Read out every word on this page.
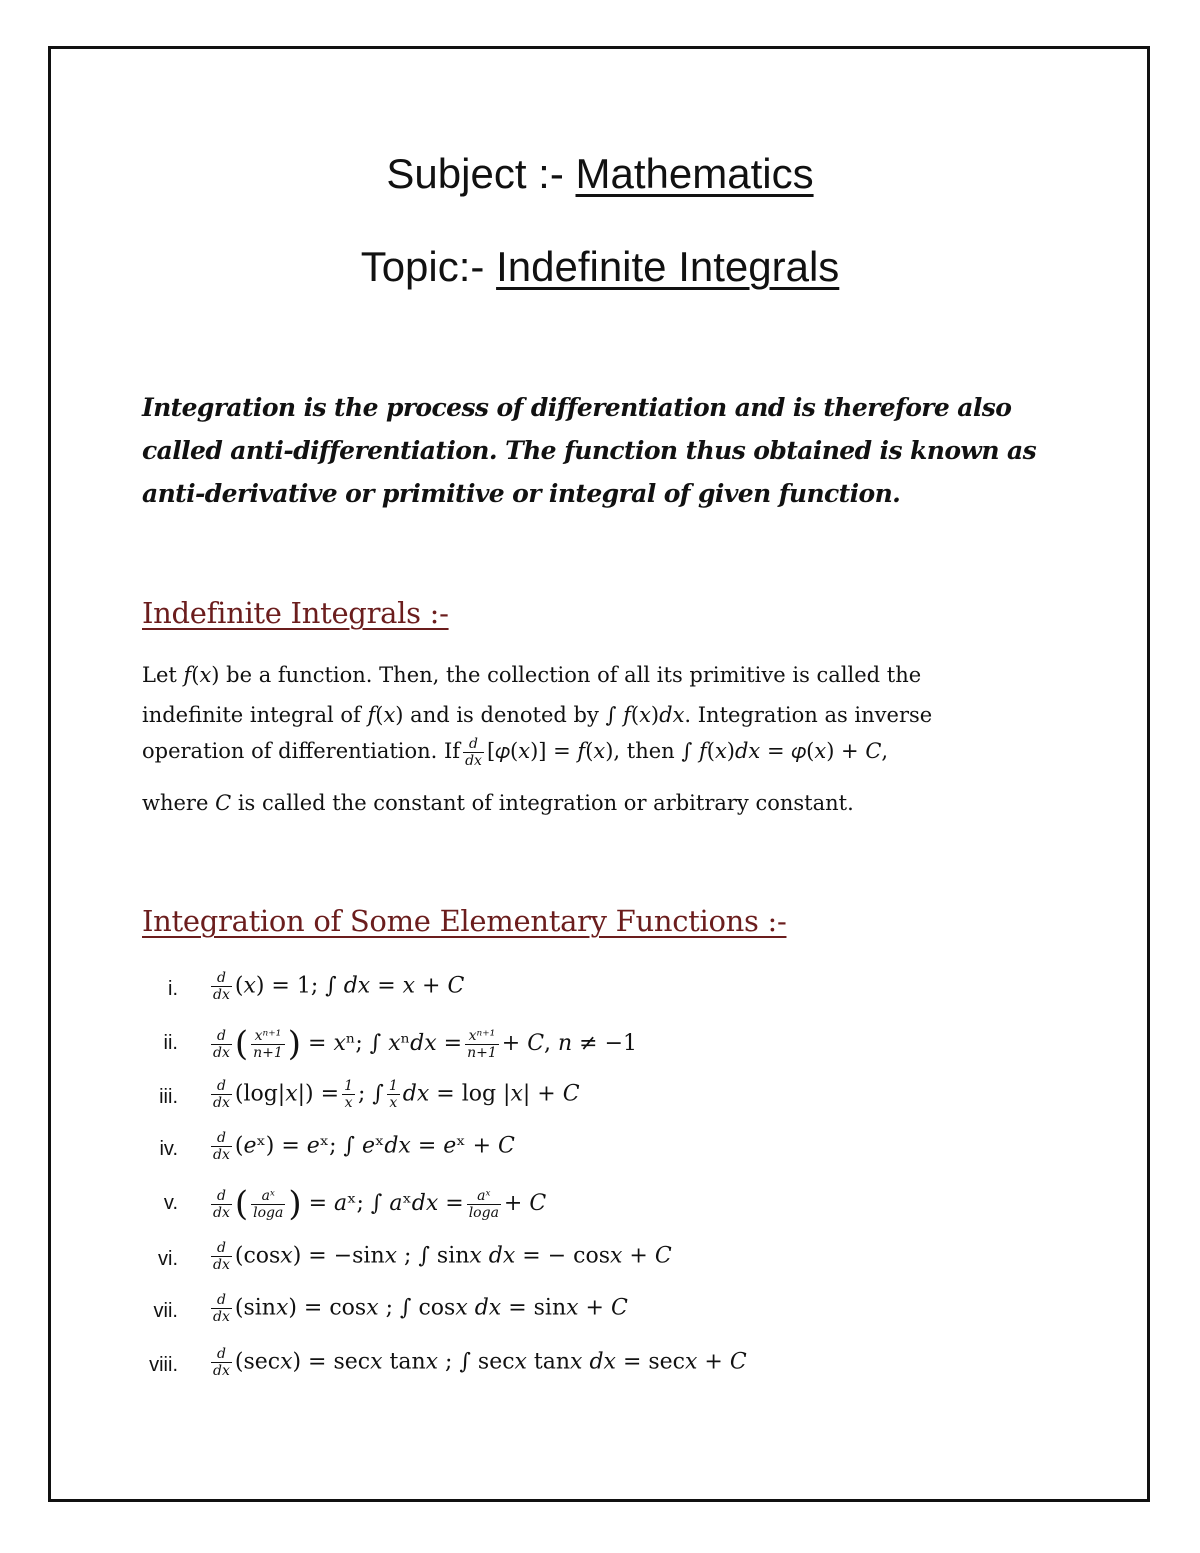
Subject :- Mathematics
Topic:- Indefinite Integrals
Integration is the process of differentiation and is therefore also
called anti-differentiation. The function thus obtained is known as
anti-derivative or primitive or integral of given function.
Indefinite Integrals :-
Let 𝑓(𝑥) be a function. Then, the collection of all its primitive is called the
indefinite integral of 𝑓(𝑥) and is denoted by ∫ 𝑓(𝑥)𝑑𝑥. Integration as inverse
operation of differentiation. If $\frac{\text{𝑑}}{\text{𝑑𝑥}}$ [𝜑(𝑥)] = 𝑓(𝑥), then ∫ 𝑓(𝑥)𝑑𝑥 = 𝜑(𝑥) + 𝐶,
where 𝐶 is called the constant of integration or arbitrary constant.
Integration of Some Elementary Functions :-
i. $\frac{\text{𝑑}}{\text{𝑑𝑥}}$ (𝑥) = 1; ∫ 𝑑𝑥 = 𝑥 + 𝐶
ii. $\frac{\text{𝑑}}{\text{𝑑𝑥}}$ ( $\frac{\text{𝑥ⁿ⁺¹}}{\text{𝑛+1}}$ ) = 𝑥ⁿ; ∫ 𝑥ⁿ𝑑𝑥 = $\frac{\text{𝑥ⁿ⁺¹}}{\text{𝑛+1}}$ + 𝐶, 𝑛 ≠ −1
iii. $\frac{\text{𝑑}}{\text{𝑑𝑥}}$ (log|𝑥|) = $\frac{1}{\text{𝑥}}$ ; ∫ $\frac{1}{\text{𝑥}}$ 𝑑𝑥 = log |𝑥| + 𝐶
iv. $\frac{\text{𝑑}}{\text{𝑑𝑥}}$ (𝑒ˣ) = 𝑒ˣ; ∫ 𝑒ˣ𝑑𝑥 = 𝑒ˣ + 𝐶
v. $\frac{\text{𝑑}}{\text{𝑑𝑥}}$ ( $\frac{\text{𝑎ˣ}}{\text{log𝑎}}$ ) = 𝑎ˣ; ∫ 𝑎ˣ𝑑𝑥 = $\frac{\text{𝑎ˣ}}{\text{log𝑎}}$ + 𝐶
vi. $\frac{\text{𝑑}}{\text{𝑑𝑥}}$ (cos𝑥) = −sin𝑥 ; ∫ sin𝑥 𝑑𝑥 = − cos𝑥 + 𝐶
vii. $\frac{\text{𝑑}}{\text{𝑑𝑥}}$ (sin𝑥) = cos𝑥 ; ∫ cos𝑥 𝑑𝑥 = sin𝑥 + 𝐶
viii. $\frac{\text{𝑑}}{\text{𝑑𝑥}}$ (sec𝑥) = sec𝑥 tan𝑥 ; ∫ sec𝑥 tan𝑥 𝑑𝑥 = sec𝑥 + 𝐶
